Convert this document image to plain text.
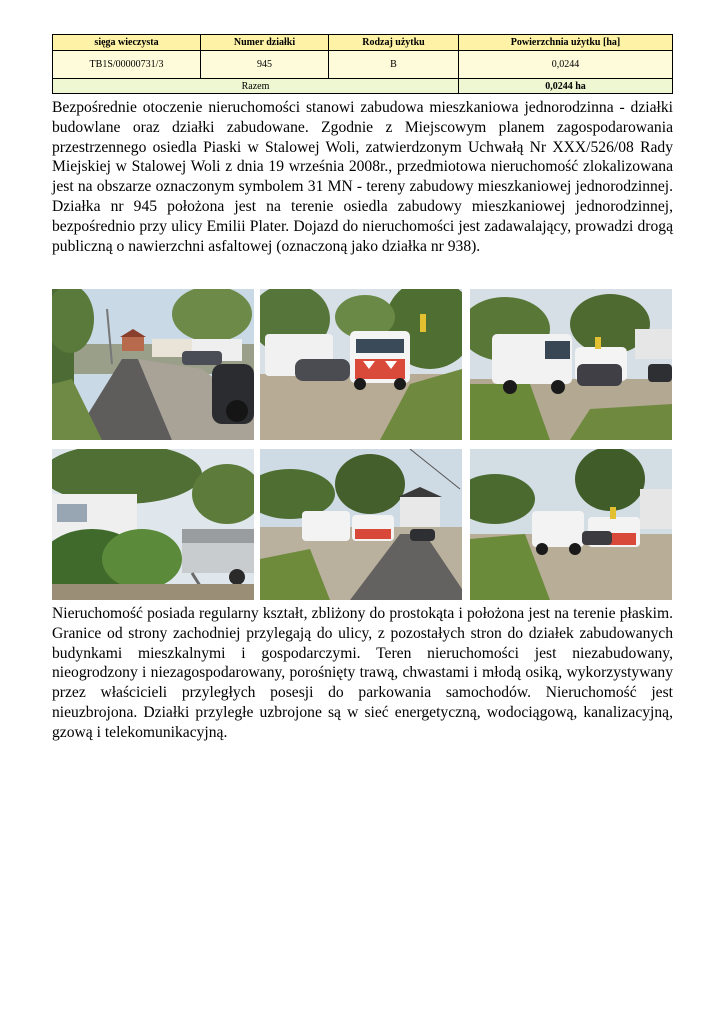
sięga wieczysta	Numer działki	Rodzaj użytku	Powierzchnia użytku [ha]
TB1S/00000731/3	945	B	0,0244
Razem			0,0244 ha

Bezpośrednie otoczenie nieruchomości stanowi zabudowa mieszkaniowa jednorodzinna - działki budowlane oraz działki zabudowane. Zgodnie z Miejscowym planem zagospodarowania przestrzennego osiedla Piaski w Stalowej Woli, zatwierdzonym Uchwałą Nr XXX/526/08 Rady Miejskiej w Stalowej Woli z dnia 19 września 2008r., przedmiotowa nieruchomość zlokalizowana jest na obszarze oznaczonym symbolem 31 MN - tereny zabudowy mieszkaniowej jednorodzinnej. Działka nr 945 położona jest na terenie osiedla zabudowy mieszkaniowej jednorodzinnej, bezpośrednio przy ulicy Emilii Plater. Dojazd do nieruchomości jest zadawalający, prowadzi drogą publiczną o nawierzchni asfaltowej (oznaczoną jako działka nr 938).

Nieruchomość posiada regularny kształt, zbliżony do prostokąta i położona jest na terenie płaskim. Granice od strony zachodniej przylegają do ulicy, z pozostałych stron do działek zabudowanych budynkami mieszkalnymi i gospodarczymi. Teren nieruchomości jest niezabudowany, nieogrodzony i niezagospodarowany, porośnięty trawą, chwastami i młodą osiką, wykorzystywany przez właścicieli przyległych posesji do parkowania samochodów. Nieruchomość jest nieuzbrojona. Działki przyległe uzbrojone są w sieć energetyczną, wodociągową, kanalizacyjną, gzową i telekomunikacyjną.
